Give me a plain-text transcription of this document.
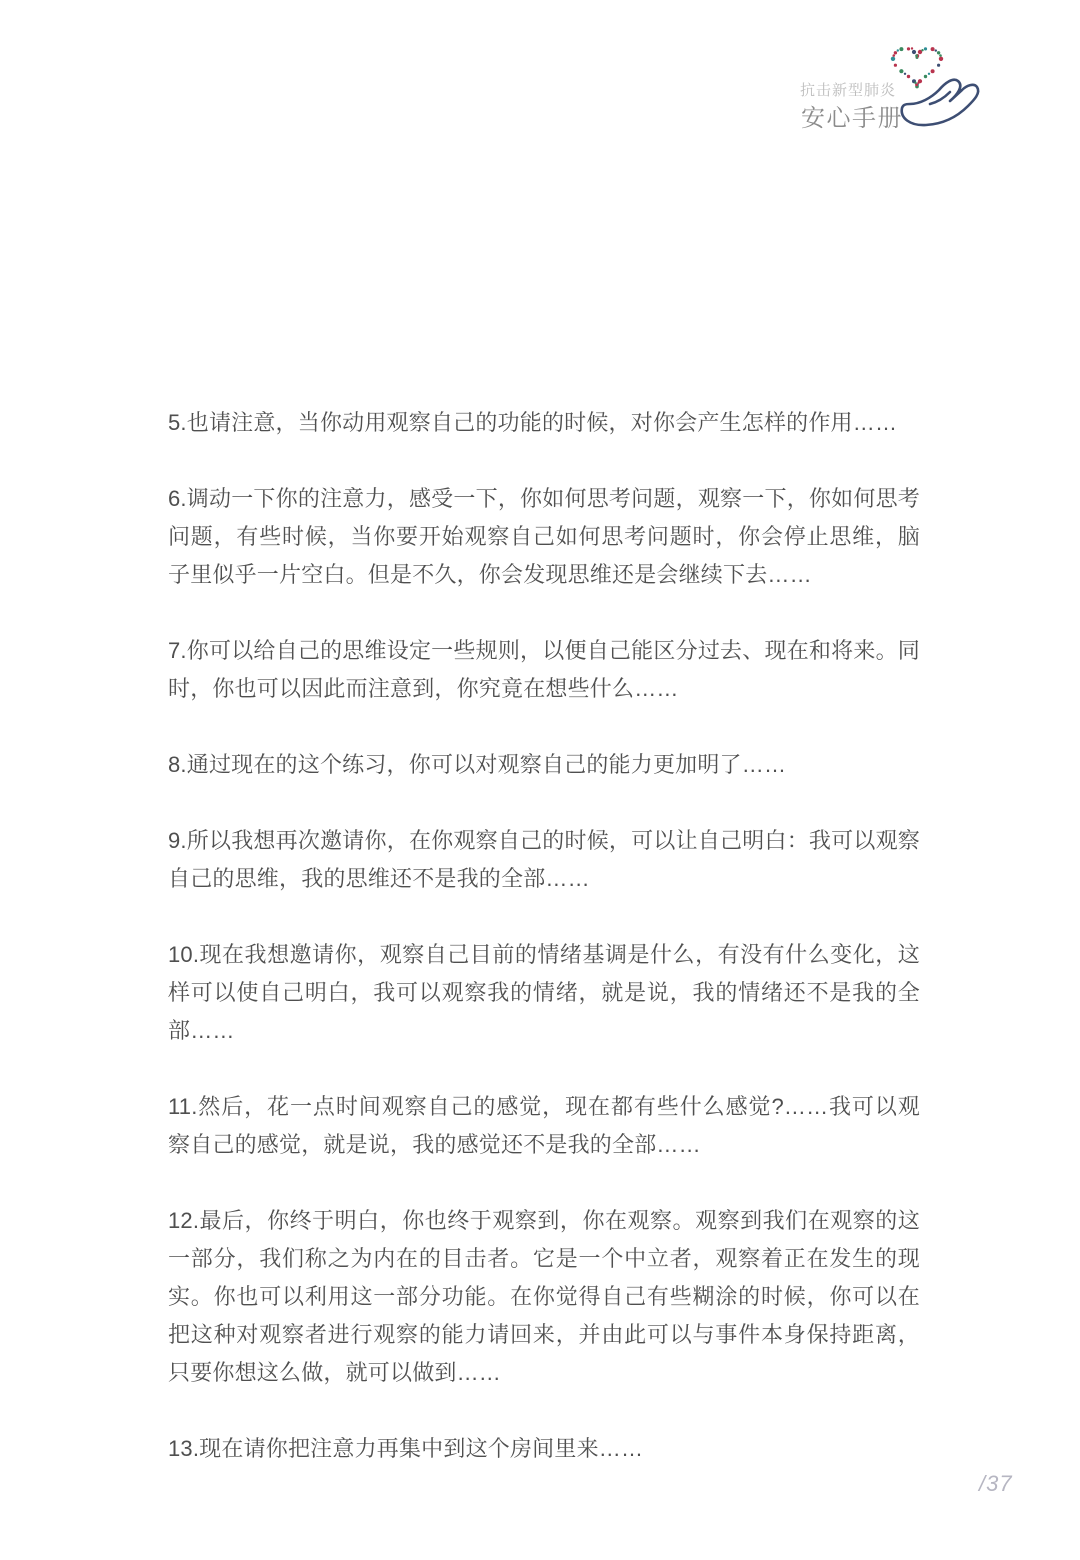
抗击新型肺炎
安心手册

5.也请注意，当你动用观察自己的功能的时候，对你会产生怎样的作用……

6.调动一下你的注意力，感受一下，你如何思考问题，观察一下，你如何思考问题，有些时候，当你要开始观察自己如何思考问题时，你会停止思维，脑子里似乎一片空白。但是不久，你会发现思维还是会继续下去……

7.你可以给自己的思维设定一些规则，以便自己能区分过去、现在和将来。同时，你也可以因此而注意到，你究竟在想些什么……

8.通过现在的这个练习，你可以对观察自己的能力更加明了……

9.所以我想再次邀请你，在你观察自己的时候，可以让自己明白：我可以观察自己的思维，我的思维还不是我的全部……

10.现在我想邀请你，观察自己目前的情绪基调是什么，有没有什么变化，这样可以使自己明白，我可以观察我的情绪，就是说，我的情绪还不是我的全部……

11.然后，花一点时间观察自己的感觉，现在都有些什么感觉?……我可以观察自己的感觉，就是说，我的感觉还不是我的全部……

12.最后，你终于明白，你也终于观察到，你在观察。观察到我们在观察的这一部分，我们称之为内在的目击者。它是一个中立者，观察着正在发生的现实。你也可以利用这一部分功能。在你觉得自己有些糊涂的时候，你可以在把这种对观察者进行观察的能力请回来，并由此可以与事件本身保持距离，只要你想这么做，就可以做到……

13.现在请你把注意力再集中到这个房间里来……

/37
